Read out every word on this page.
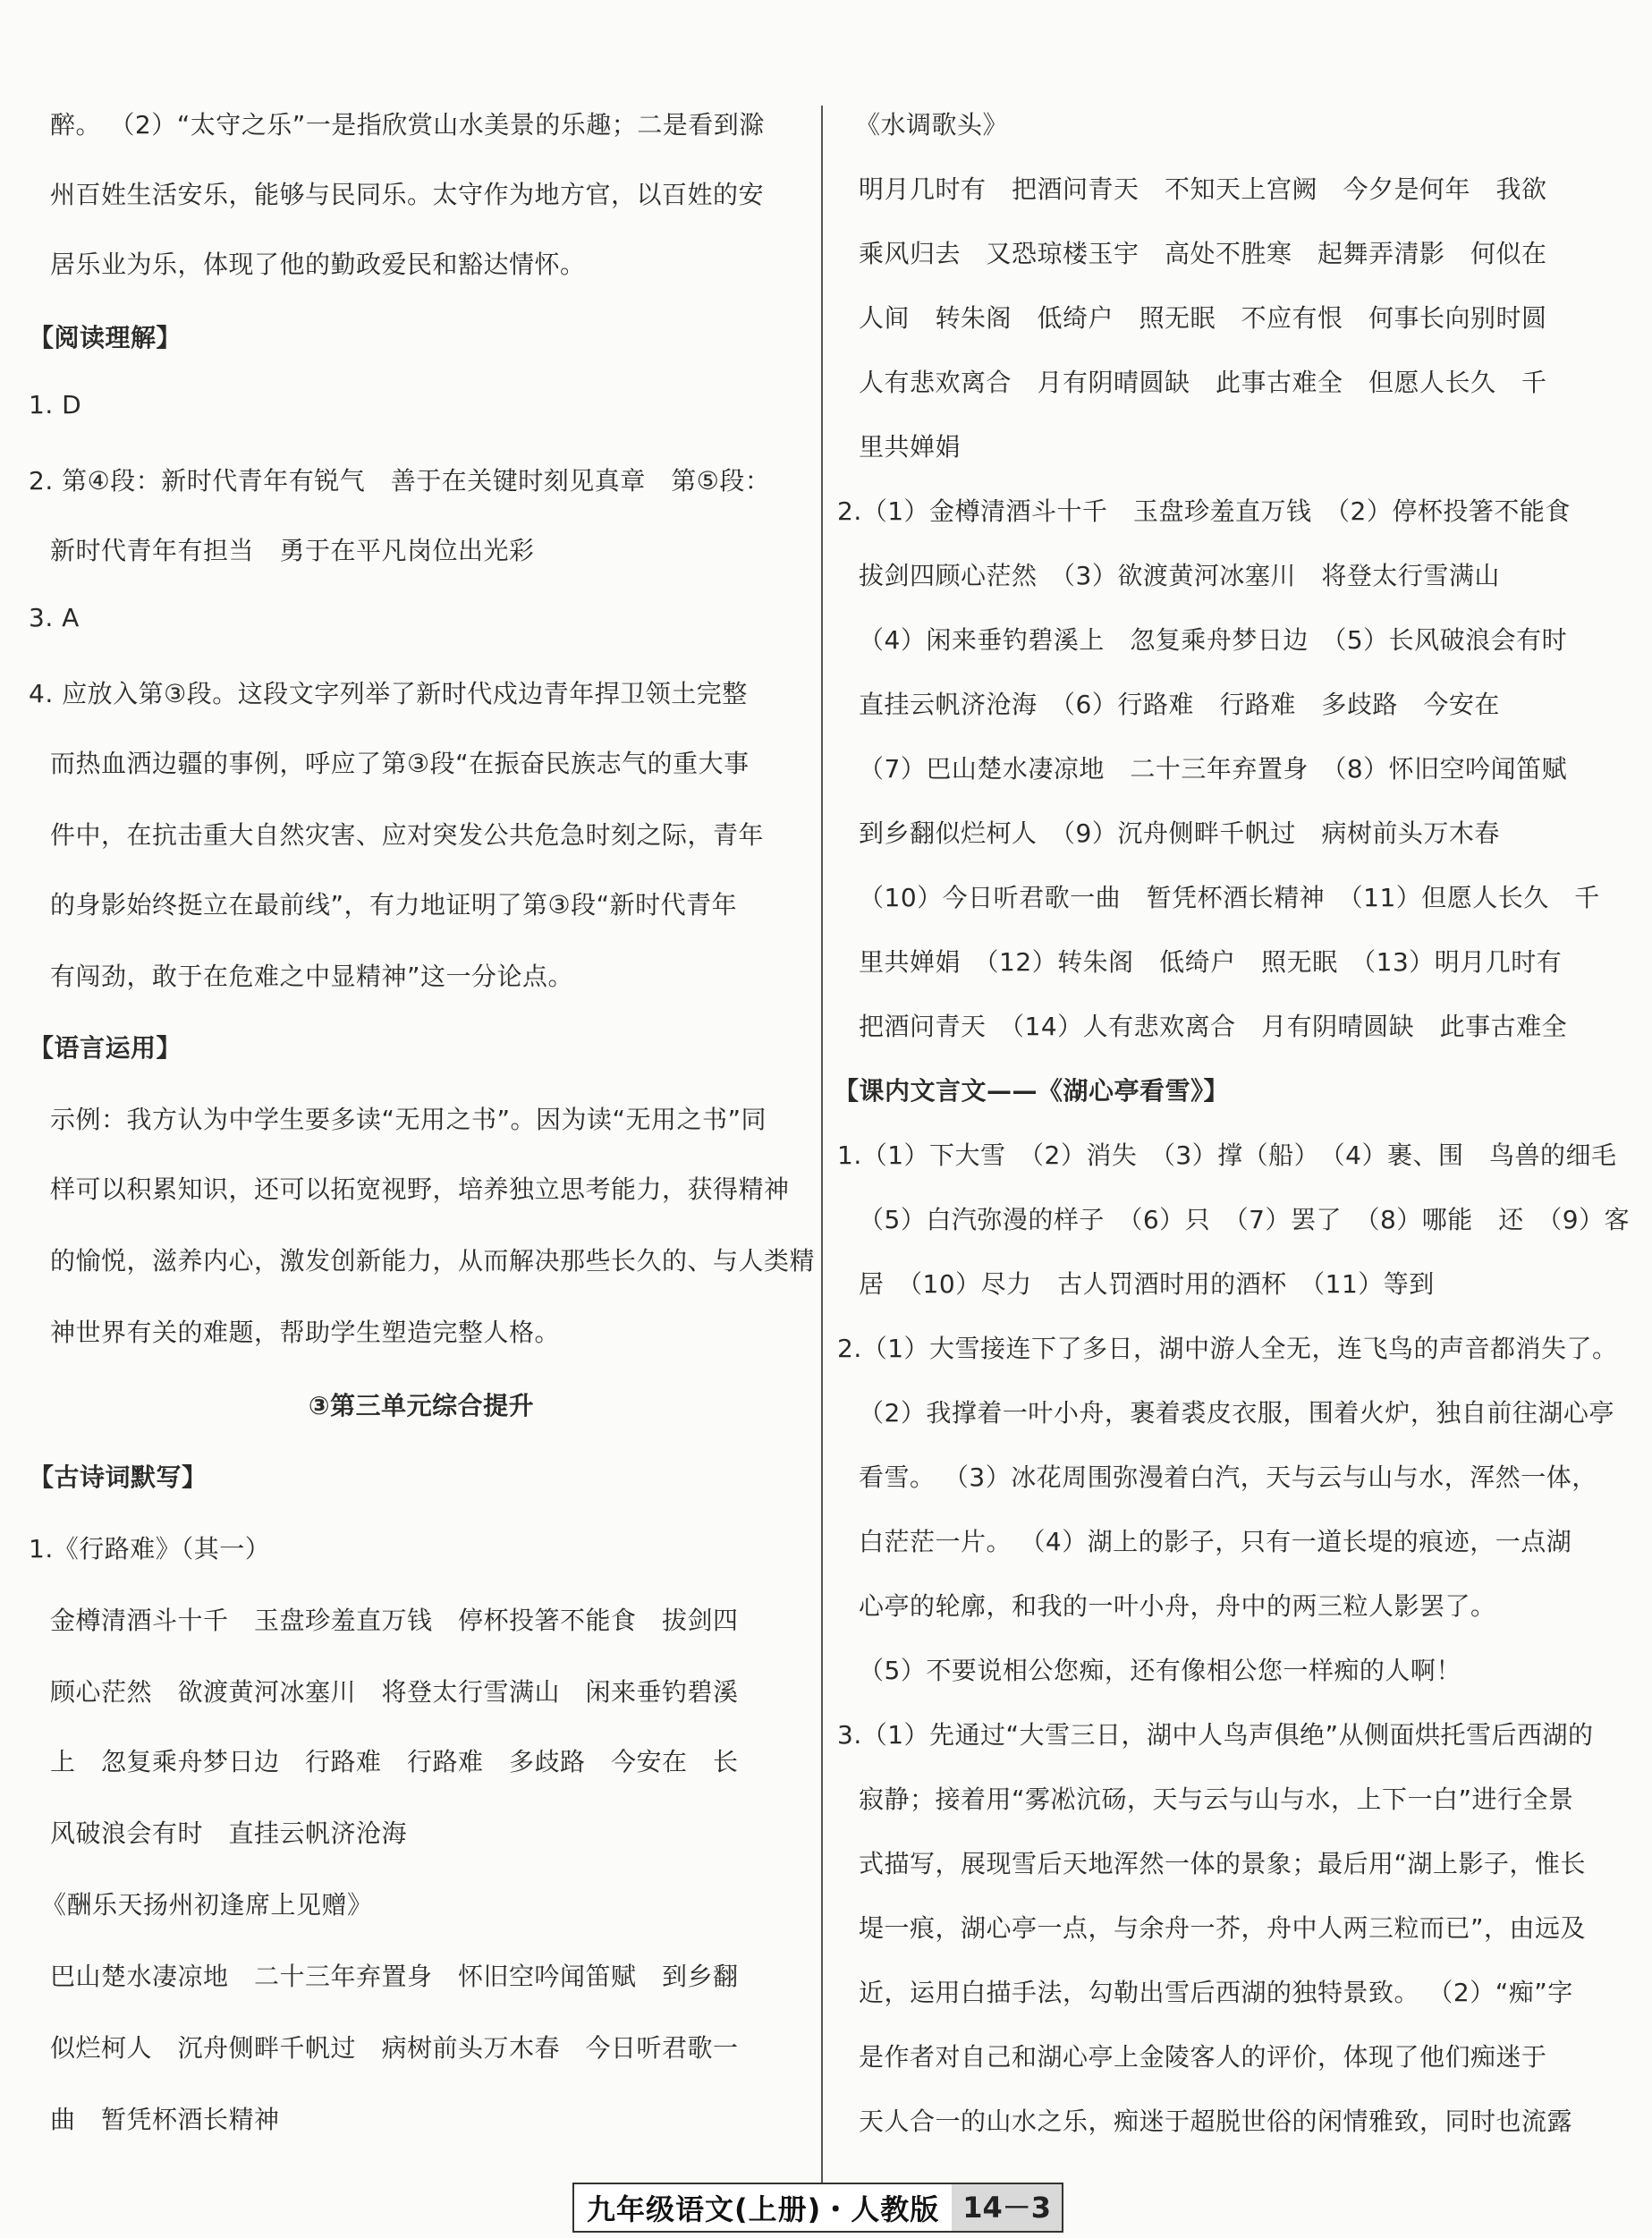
醉。 （2）“太守之乐”一是指欣赏山水美景的乐趣；二是看到滁
州百姓生活安乐，能够与民同乐。太守作为地方官，以百姓的安
居乐业为乐，体现了他的勤政爱民和豁达情怀。
【阅读理解】
1. D
2. 第④段：新时代青年有锐气　善于在关键时刻见真章　第⑤段：
新时代青年有担当　勇于在平凡岗位出光彩
3. A
4. 应放入第③段。这段文字列举了新时代戍边青年捍卫领土完整
而热血洒边疆的事例，呼应了第③段“在振奋民族志气的重大事
件中，在抗击重大自然灾害、应对突发公共危急时刻之际，青年
的身影始终挺立在最前线”，有力地证明了第③段“新时代青年
有闯劲，敢于在危难之中显精神”这一分论点。
【语言运用】
示例：我方认为中学生要多读“无用之书”。因为读“无用之书”同
样可以积累知识，还可以拓宽视野，培养独立思考能力，获得精神
的愉悦，滋养内心，激发创新能力，从而解决那些长久的、与人类精
神世界有关的难题，帮助学生塑造完整人格。
③第三单元综合提升
【古诗词默写】
1.《行路难》（其一）
金樽清酒斗十千　玉盘珍羞直万钱　停杯投箸不能食　拔剑四
顾心茫然　欲渡黄河冰塞川　将登太行雪满山　闲来垂钓碧溪
上　忽复乘舟梦日边　行路难　行路难　多歧路　今安在　长
风破浪会有时　直挂云帆济沧海
《酬乐天扬州初逢席上见赠》
巴山楚水凄凉地　二十三年弃置身　怀旧空吟闻笛赋　到乡翻
似烂柯人　沉舟侧畔千帆过　病树前头万木春　今日听君歌一
曲　暂凭杯酒长精神
《水调歌头》
明月几时有　把酒问青天　不知天上宫阙　今夕是何年　我欲
乘风归去　又恐琼楼玉宇　高处不胜寒　起舞弄清影　何似在
人间　转朱阁　低绮户　照无眠　不应有恨　何事长向别时圆
人有悲欢离合　月有阴晴圆缺　此事古难全　但愿人长久　千
里共婵娟
2.（1）金樽清酒斗十千　玉盘珍羞直万钱　（2）停杯投箸不能食
拔剑四顾心茫然　（3）欲渡黄河冰塞川　将登太行雪满山
（4）闲来垂钓碧溪上　忽复乘舟梦日边　（5）长风破浪会有时
直挂云帆济沧海　（6）行路难　行路难　多歧路　今安在
（7）巴山楚水凄凉地　二十三年弃置身　（8）怀旧空吟闻笛赋
到乡翻似烂柯人　（9）沉舟侧畔千帆过　病树前头万木春
（10）今日听君歌一曲　暂凭杯酒长精神　（11）但愿人长久　千
里共婵娟　（12）转朱阁　低绮户　照无眠　（13）明月几时有
把酒问青天　（14）人有悲欢离合　月有阴晴圆缺　此事古难全
【课内文言文——《湖心亭看雪》】
1.（1）下大雪　（2）消失　（3）撑（船）　（4）裹、围　鸟兽的细毛
（5）白汽弥漫的样子　（6）只　（7）罢了　（8）哪能　还　（9）客
居　（10）尽力　古人罚酒时用的酒杯　（11）等到
2.（1）大雪接连下了多日，湖中游人全无，连飞鸟的声音都消失了。
（2）我撑着一叶小舟，裹着裘皮衣服，围着火炉，独自前往湖心亭
看雪。 （3）冰花周围弥漫着白汽，天与云与山与水，浑然一体，
白茫茫一片。 （4）湖上的影子，只有一道长堤的痕迹，一点湖
心亭的轮廓，和我的一叶小舟，舟中的两三粒人影罢了。
（5）不要说相公您痴，还有像相公您一样痴的人啊！
3.（1）先通过“大雪三日，湖中人鸟声俱绝”从侧面烘托雪后西湖的
寂静；接着用“雾凇沆砀，天与云与山与水，上下一白”进行全景
式描写，展现雪后天地浑然一体的景象；最后用“湖上影子，惟长
堤一痕，湖心亭一点，与余舟一芥，舟中人两三粒而已”，由远及
近，运用白描手法，勾勒出雪后西湖的独特景致。 （2）“痴”字
是作者对自己和湖心亭上金陵客人的评价，体现了他们痴迷于
天人合一的山水之乐，痴迷于超脱世俗的闲情雅致，同时也流露
九年级语文(上册)・人教版 14－3
